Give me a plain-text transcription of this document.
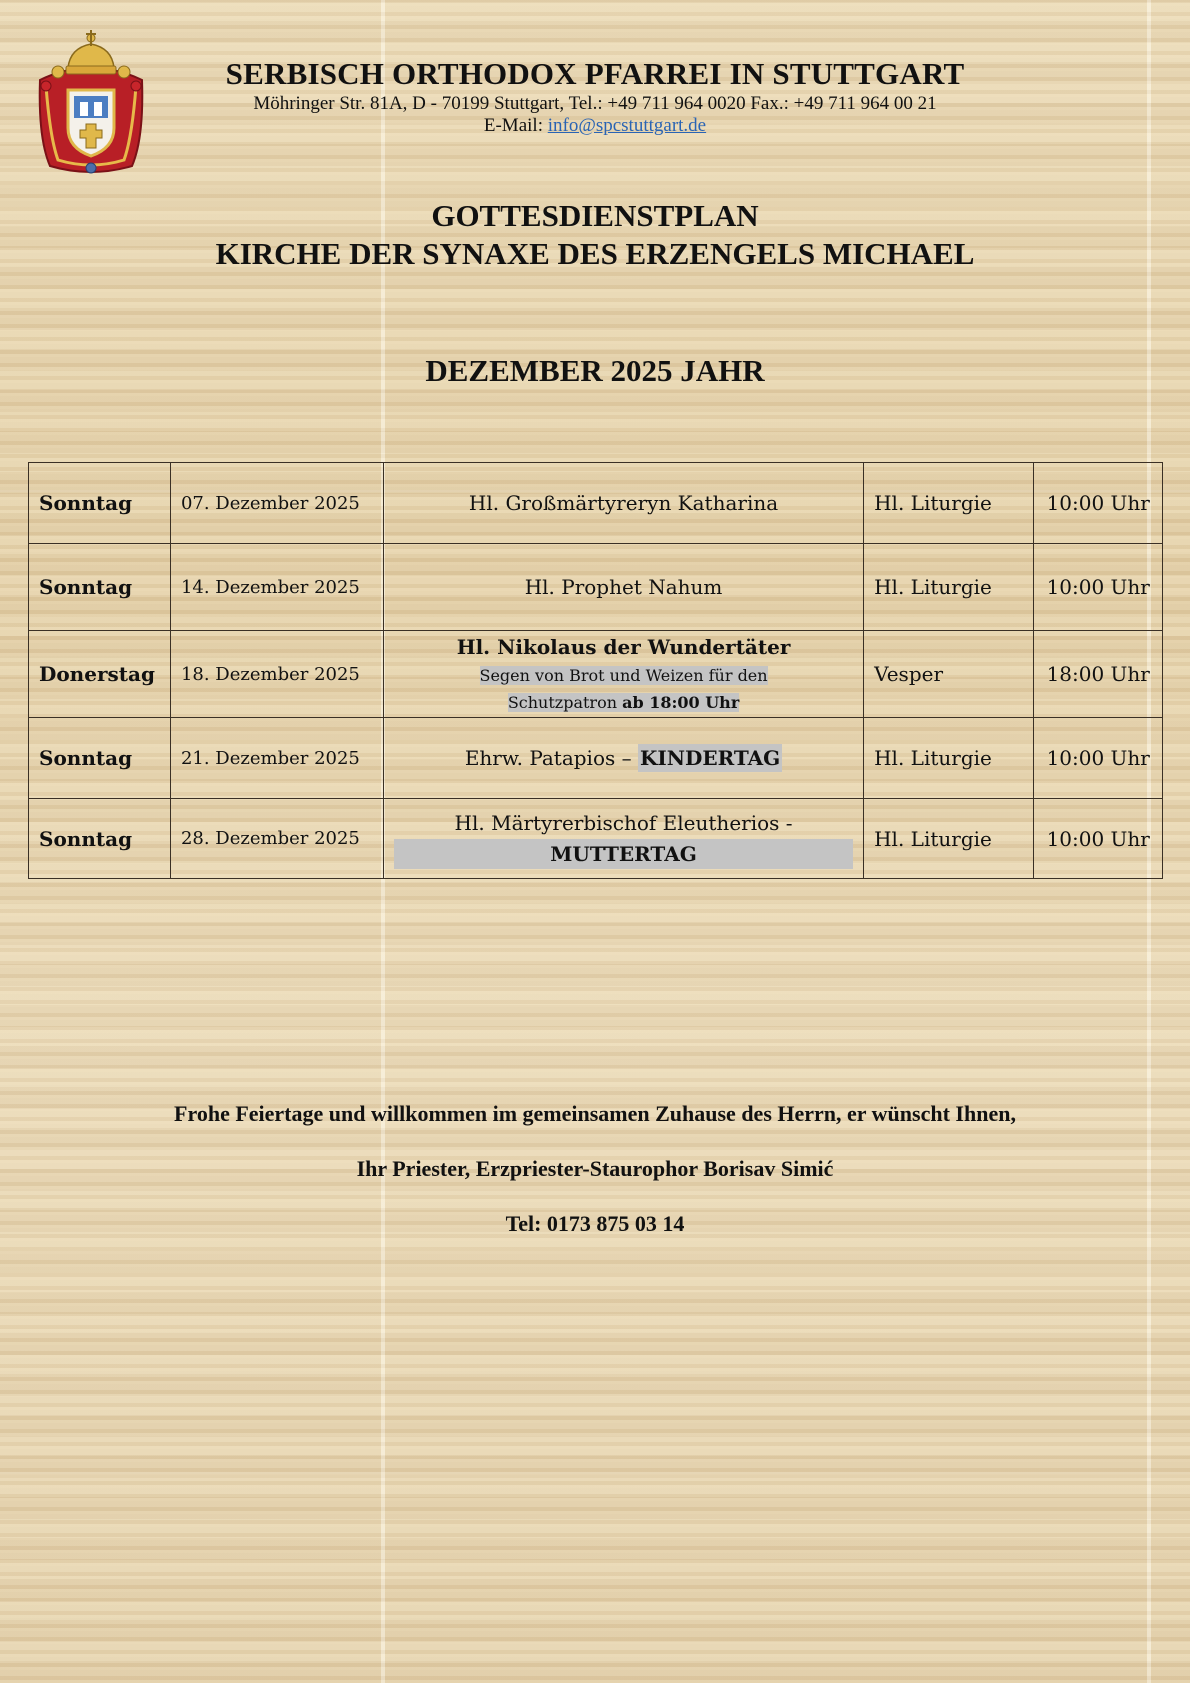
SERBISCH ORTHODOX PFARREI IN STUTTGART
Möhringer Str. 81A, D - 70199 Stuttgart, Tel.: +49 711 964 0020 Fax.: +49 711 964 00 21
E-Mail: info@spcstuttgart.de
GOTTESDIENSTPLAN
KIRCHE DER SYNAXE DES ERZENGELS MICHAEL
DEZEMBER 2025 JAHR
Sonntag	07. Dezember 2025	Hl. Großmärtyreryn Katharina	Hl. Liturgie	10:00 Uhr
Sonntag	14. Dezember 2025	Hl. Prophet Nahum	Hl. Liturgie	10:00 Uhr
Donerstag	18. Dezember 2025	Hl. Nikolaus der Wundertäter
Segen von Brot und Weizen für den
Schutzpatron ab 18:00 Uhr	Vesper	18:00 Uhr
Sonntag	21. Dezember 2025	Ehrw. Patapios – KINDERTAG	Hl. Liturgie	10:00 Uhr
Sonntag	28. Dezember 2025	Hl. Märtyrerbischof Eleutherios -
MUTTERTAG	Hl. Liturgie	10:00 Uhr
Frohe Feiertage und willkommen im gemeinsamen Zuhause des Herrn, er wünscht Ihnen,
Ihr Priester, Erzpriester-Staurophor Borisav Simić
Tel: 0173 875 03 14
